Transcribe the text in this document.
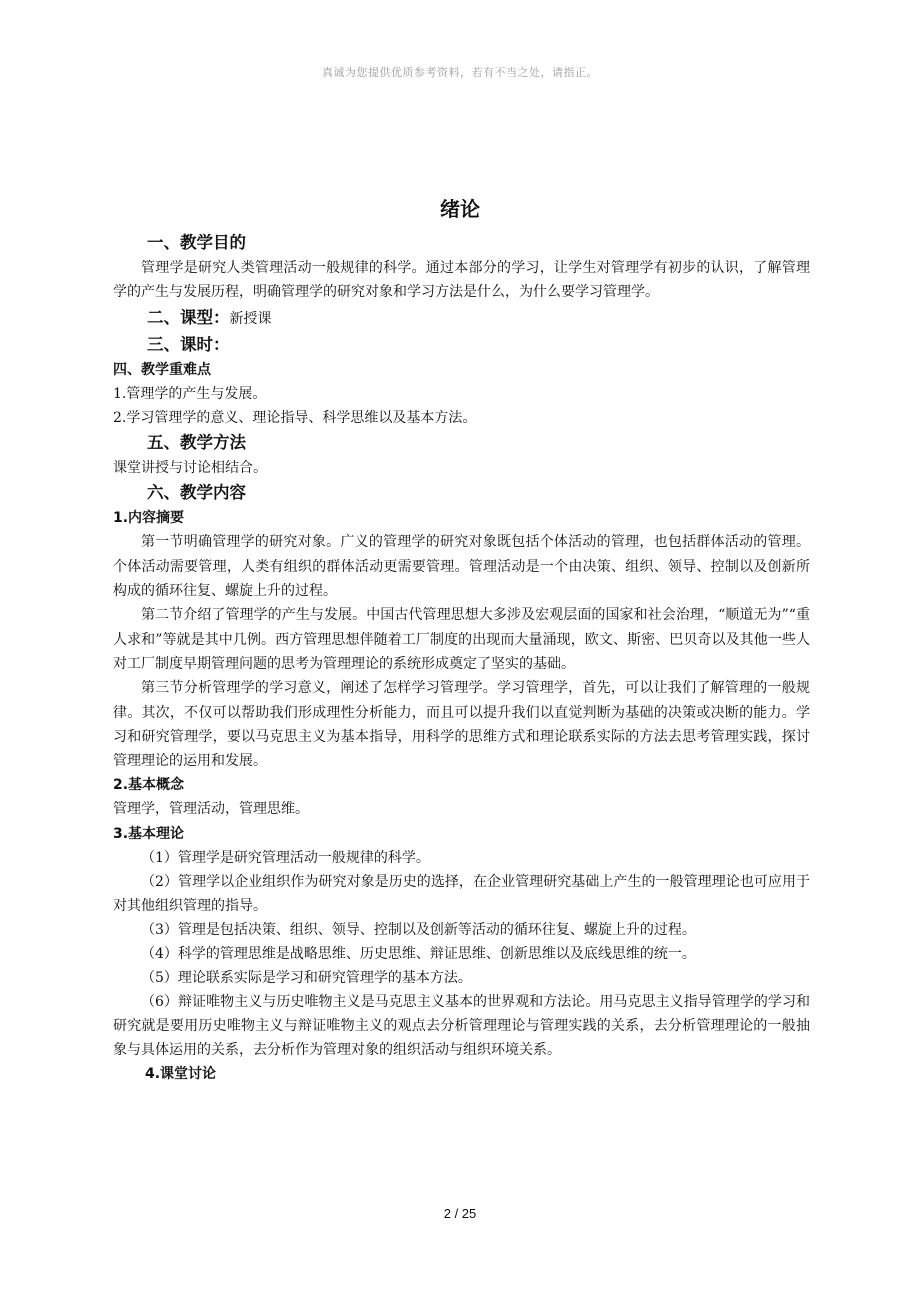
真诚为您提供优质参考资料，若有不当之处，请指正。
绪论

一、教学目的

管理学是研究人类管理活动一般规律的科学。通过本部分的学习，让学生对管理学有初步的认识，了解管理学的产生与发展历程，明确管理学的研究对象和学习方法是什么，为什么要学习管理学。

二、课型：新授课

三、课时：

四、教学重难点

1.管理学的产生与发展。

2.学习管理学的意义、理论指导、科学思维以及基本方法。

五、教学方法

课堂讲授与讨论相结合。

六、教学内容

1.内容摘要

第一节明确管理学的研究对象。广义的管理学的研究对象既包括个体活动的管理，也包括群体活动的管理。个体活动需要管理，人类有组织的群体活动更需要管理。管理活动是一个由决策、组织、领导、控制以及创新所构成的循环往复、螺旋上升的过程。

第二节介绍了管理学的产生与发展。中国古代管理思想大多涉及宏观层面的国家和社会治理，“顺道无为”“重人求和”等就是其中几例。西方管理思想伴随着工厂制度的出现而大量涌现，欧文、斯密、巴贝奇以及其他一些人对工厂制度早期管理问题的思考为管理理论的系统形成奠定了坚实的基础。

第三节分析管理学的学习意义，阐述了怎样学习管理学。学习管理学，首先，可以让我们了解管理的一般规律。其次，不仅可以帮助我们形成理性分析能力，而且可以提升我们以直觉判断为基础的决策或决断的能力。学习和研究管理学，要以马克思主义为基本指导，用科学的思维方式和理论联系实际的方法去思考管理实践，探讨管理理论的运用和发展。

2.基本概念

管理学，管理活动，管理思维。

3.基本理论

（1）管理学是研究管理活动一般规律的科学。

（2）管理学以企业组织作为研究对象是历史的选择，在企业管理研究基础上产生的一般管理理论也可应用于对其他组织管理的指导。

（3）管理是包括决策、组织、领导、控制以及创新等活动的循环往复、螺旋上升的过程。

（4）科学的管理思维是战略思维、历史思维、辩证思维、创新思维以及底线思维的统一。

（5）理论联系实际是学习和研究管理学的基本方法。

（6）辩证唯物主义与历史唯物主义是马克思主义基本的世界观和方法论。用马克思主义指导管理学的学习和研究就是要用历史唯物主义与辩证唯物主义的观点去分析管理理论与管理实践的关系，去分析管理理论的一般抽象与具体运用的关系，去分析作为管理对象的组织活动与组织环境关系。

4.课堂讨论

2 / 25
